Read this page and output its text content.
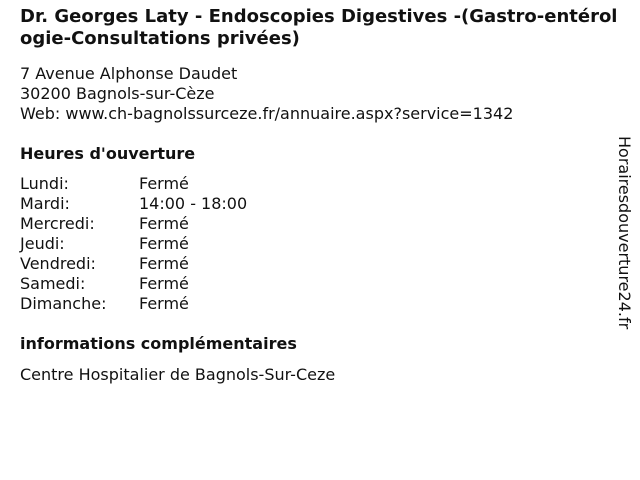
Dr. Georges Laty - Endoscopies Digestives -(Gastro-entérologie-Consultations privées)
7 Avenue Alphonse Daudet
30200 Bagnols-sur-Cèze
Web: www.ch-bagnolssurceze.fr/annuaire.aspx?service=1342
Heures d'ouverture
Lundi:	Fermé
Mardi:	14:00 - 18:00
Mercredi:	Fermé
Jeudi:	Fermé
Vendredi:	Fermé
Samedi:	Fermé
Dimanche: Fermé
informations complémentaires
Centre Hospitalier de Bagnols-Sur-Ceze
Horairesdouverture24.fr
